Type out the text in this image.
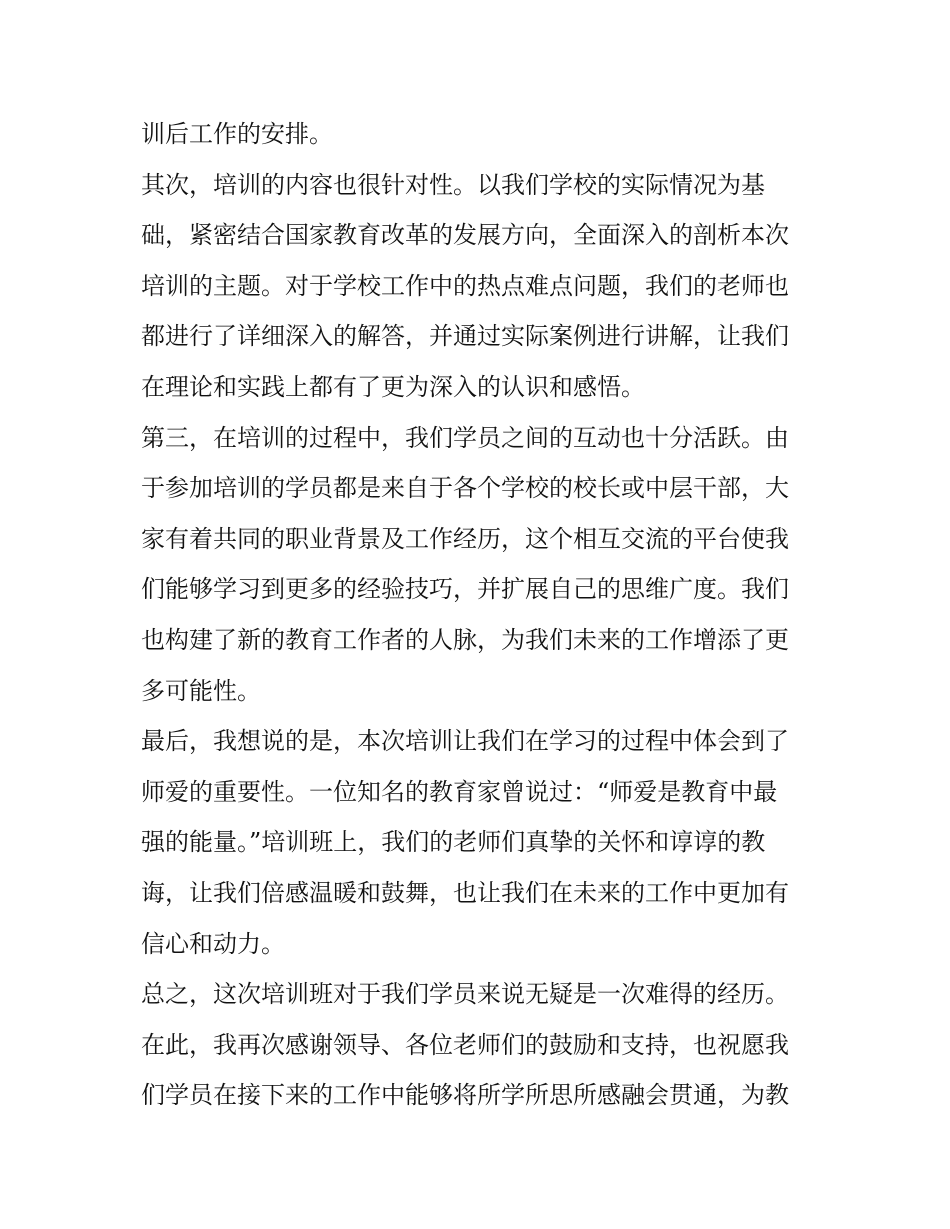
训后工作的安排。
其次，培训的内容也很针对性。以我们学校的实际情况为基
础，紧密结合国家教育改革的发展方向，全面深入的剖析本次
培训的主题。对于学校工作中的热点难点问题，我们的老师也
都进行了详细深入的解答，并通过实际案例进行讲解，让我们
在理论和实践上都有了更为深入的认识和感悟。
第三，在培训的过程中，我们学员之间的互动也十分活跃。由
于参加培训的学员都是来自于各个学校的校长或中层干部，大
家有着共同的职业背景及工作经历，这个相互交流的平台使我
们能够学习到更多的经验技巧，并扩展自己的思维广度。我们
也构建了新的教育工作者的人脉，为我们未来的工作增添了更
多可能性。
最后，我想说的是，本次培训让我们在学习的过程中体会到了
师爱的重要性。一位知名的教育家曾说过：“师爱是教育中最
强的能量。”培训班上，我们的老师们真挚的关怀和谆谆的教
诲，让我们倍感温暖和鼓舞，也让我们在未来的工作中更加有
信心和动力。
总之，这次培训班对于我们学员来说无疑是一次难得的经历。
在此，我再次感谢领导、各位老师们的鼓励和支持，也祝愿我
们学员在接下来的工作中能够将所学所思所感融会贯通，为教
